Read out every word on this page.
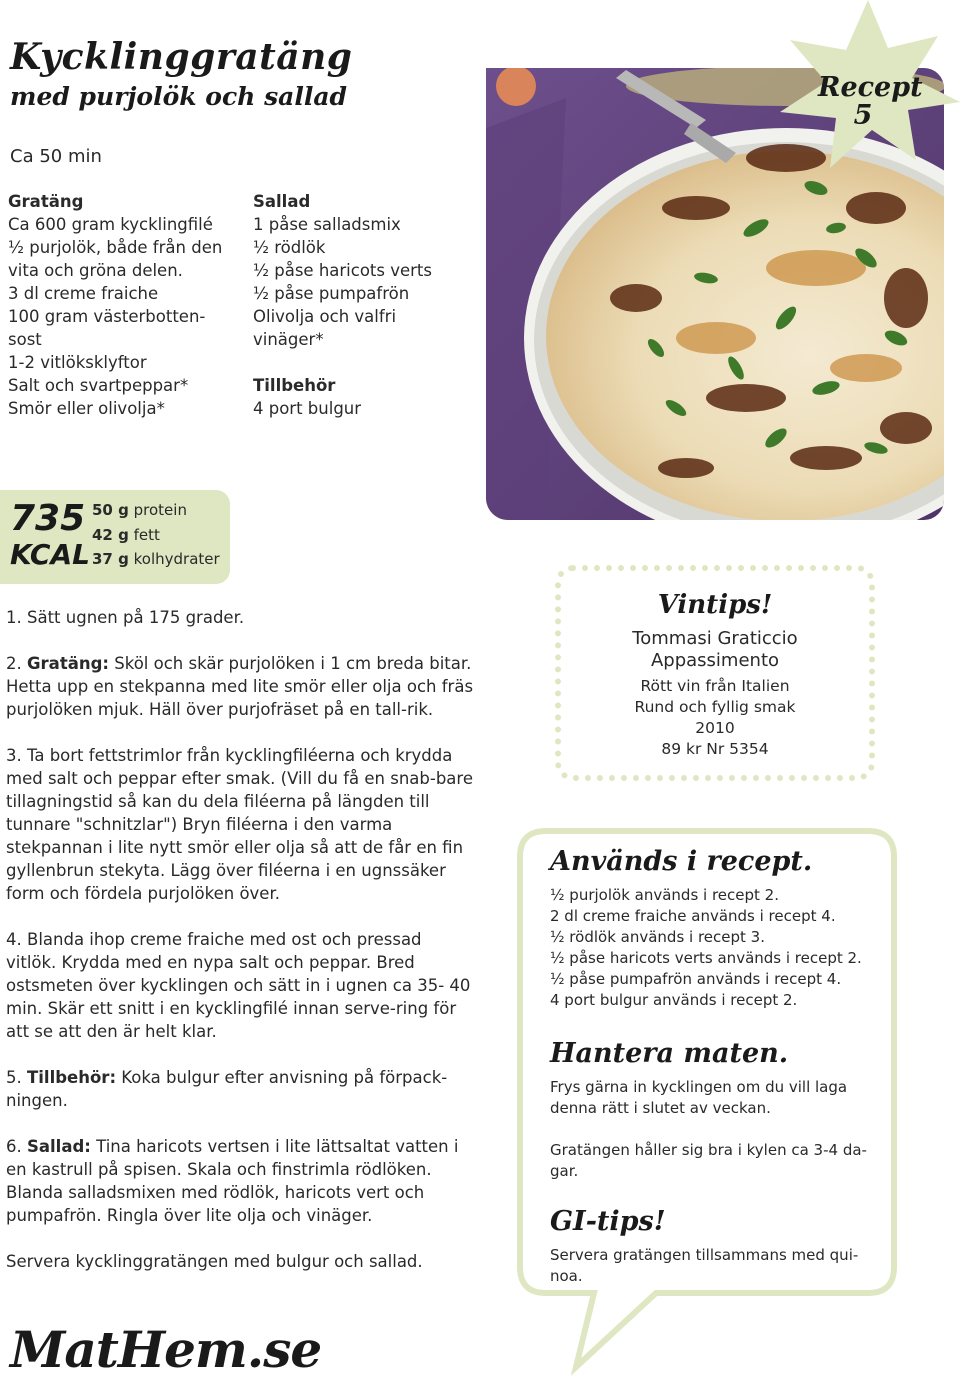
Kycklinggratäng
med purjolök och sallad
Ca 50 min
Gratäng
Ca 600 gram kycklingfilé
½ purjolök, både från den
vita och gröna delen.
3 dl creme fraiche
100 gram västerbotten-
sost
1-2 vitlöksklyftor
Salt och svartpeppar*
Smör eller olivolja*
Sallad
1 påse salladsmix
½ rödlök
½ påse haricots verts
½ påse pumpafrön
Olivolja och valfri
vinäger*
Tillbehör
4 port bulgur
Recept
5
735
KCAL
50 g protein
42 g fett
37 g kolhydrater

1. Sätt ugnen på 175 grader.

2. Gratäng: Sköl och skär purjolöken i 1 cm breda bitar. Hetta upp en stekpanna med lite smör eller olja och fräs purjolöken mjuk. Häll över purjofräset på en tall-rik.

3. Ta bort fettstrimlor från kycklingfiléerna och krydda med salt och peppar efter smak. (Vill du få en snab-bare tillagningstid så kan du dela filéerna på längden till tunnare "schnitzlar") Bryn filéerna i den varma stekpannan i lite nytt smör eller olja så att de får en fin gyllenbrun stekyta. Lägg över filéerna i en ugnssäker form och fördela purjolöken över.

4. Blanda ihop creme fraiche med ost och pressad vitlök. Krydda med en nypa salt och peppar. Bred ostsmeten över kycklingen och sätt in i ugnen ca 35- 40 min. Skär ett snitt i en kycklingfilé innan serve-ring för att se att den är helt klar.

5. Tillbehör: Koka bulgur efter anvisning på förpack-ningen.

6. Sallad: Tina haricots vertsen i lite lättsaltat vatten i en kastrull på spisen. Skala och finstrimla rödlöken. Blanda salladsmixen med rödlök, haricots vert och pumpafrön. Ringla över lite olja och vinäger.

Servera kycklinggratängen med bulgur och sallad.

Vintips!
Tommasi Graticcio
Appassimento
Rött vin från Italien
Rund och fyllig smak
2010
89 kr Nr 5354
Används i recept.
½ purjolök används i recept 2.
2 dl creme fraiche används i recept 4.
½ rödlök används i recept 3.
½ påse haricots verts används i recept 2.
½ påse pumpafrön används i recept 4.
4 port bulgur används i recept 2.
Hantera maten.
Frys gärna in kycklingen om du vill laga denna rätt i slutet av veckan.
Gratängen håller sig bra i kylen ca 3-4 da-gar.
GI-tips!
Servera gratängen tillsammans med qui-noa.
MatHem.se
